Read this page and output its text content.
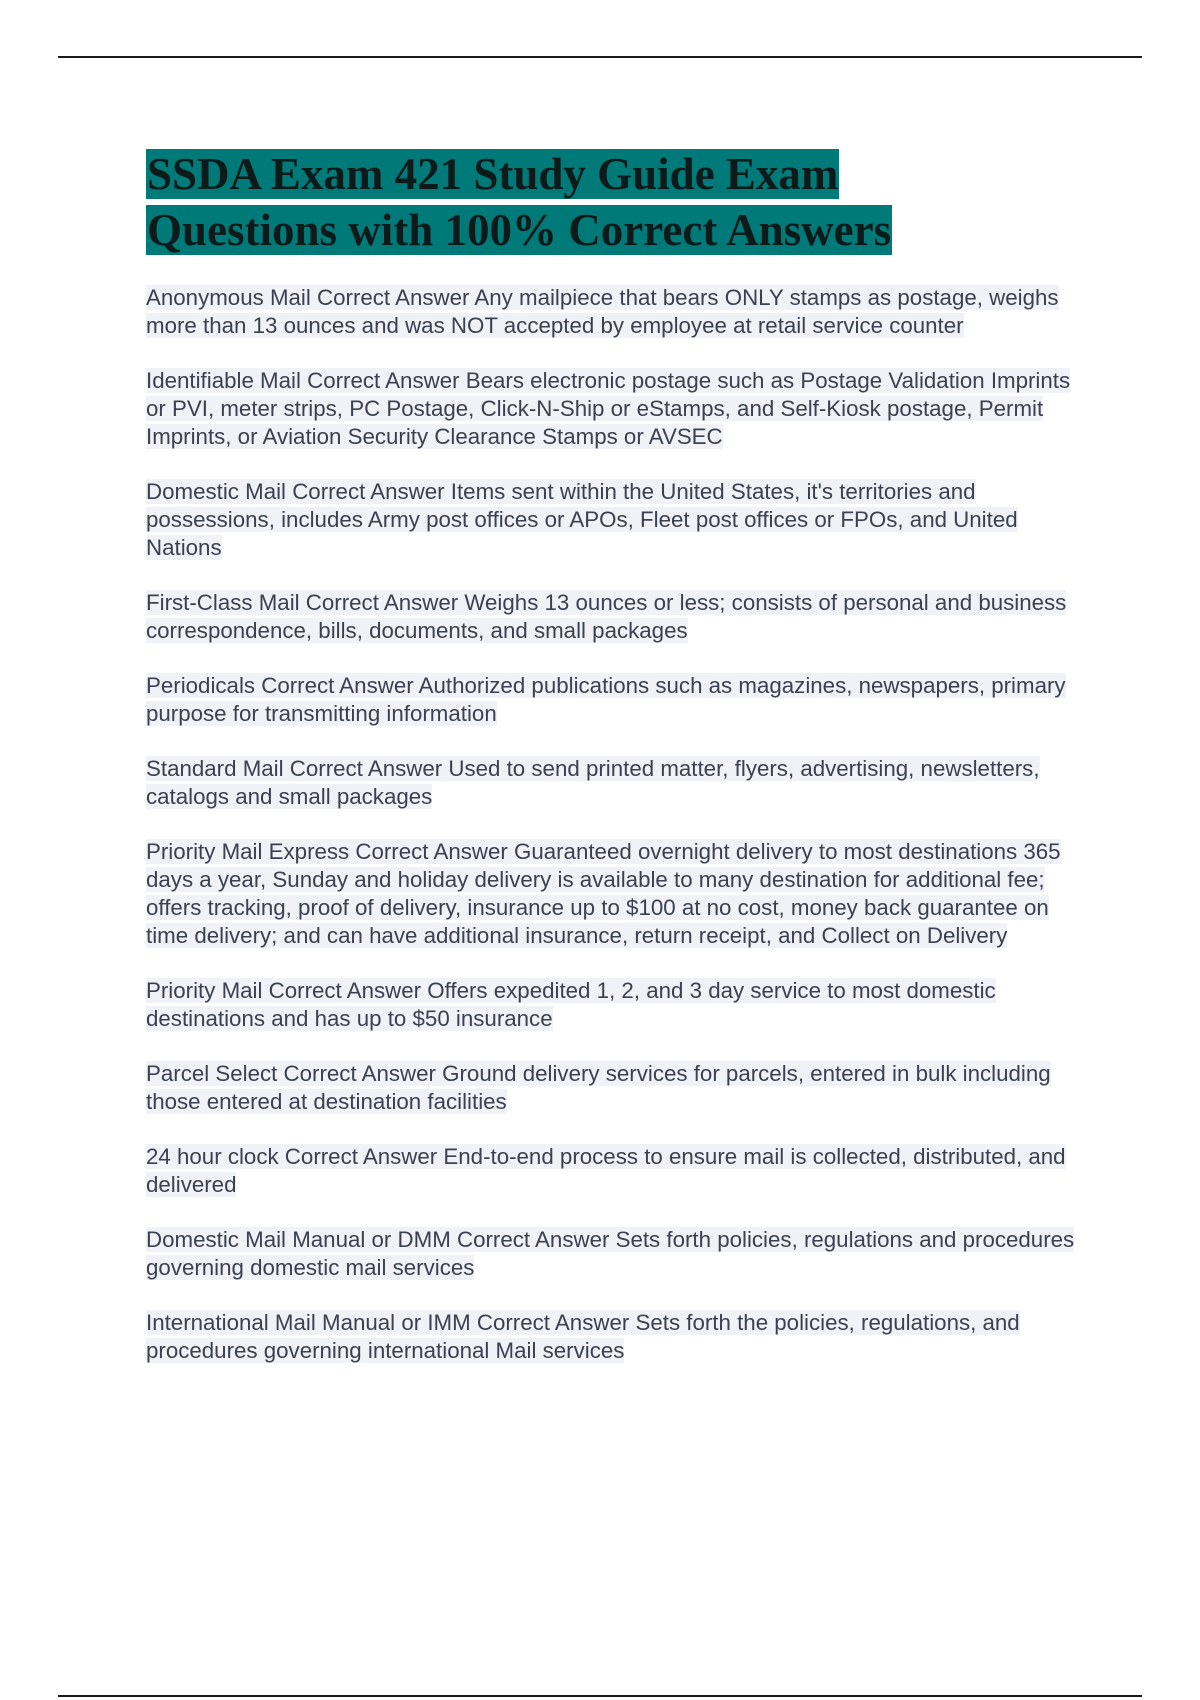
SSDA Exam 421 Study Guide Exam
Questions with 100% Correct Answers
Anonymous Mail Correct Answer Any mailpiece that bears ONLY stamps as postage, weighs more than 13 ounces and was NOT accepted by employee at retail service counter
Identifiable Mail Correct Answer Bears electronic postage such as Postage Validation Imprints or PVI, meter strips, PC Postage, Click-N-Ship or eStamps, and Self-Kiosk postage, Permit Imprints, or Aviation Security Clearance Stamps or AVSEC
Domestic Mail Correct Answer Items sent within the United States, it's territories and possessions, includes Army post offices or APOs, Fleet post offices or FPOs, and United Nations
First-Class Mail Correct Answer Weighs 13 ounces or less; consists of personal and business correspondence, bills, documents, and small packages
Periodicals Correct Answer Authorized publications such as magazines, newspapers, primary purpose for transmitting information
Standard Mail Correct Answer Used to send printed matter, flyers, advertising, newsletters, catalogs and small packages
Priority Mail Express Correct Answer Guaranteed overnight delivery to most destinations 365 days a year, Sunday and holiday delivery is available to many destination for additional fee; offers tracking, proof of delivery, insurance up to $100 at no cost, money back guarantee on time delivery; and can have additional insurance, return receipt, and Collect on Delivery
Priority Mail Correct Answer Offers expedited 1, 2, and 3 day service to most domestic destinations and has up to $50 insurance
Parcel Select Correct Answer Ground delivery services for parcels, entered in bulk including those entered at destination facilities
24 hour clock Correct Answer End-to-end process to ensure mail is collected, distributed, and delivered
Domestic Mail Manual or DMM Correct Answer Sets forth policies, regulations and procedures governing domestic mail services
International Mail Manual or IMM Correct Answer Sets forth the policies, regulations, and procedures governing international Mail services
